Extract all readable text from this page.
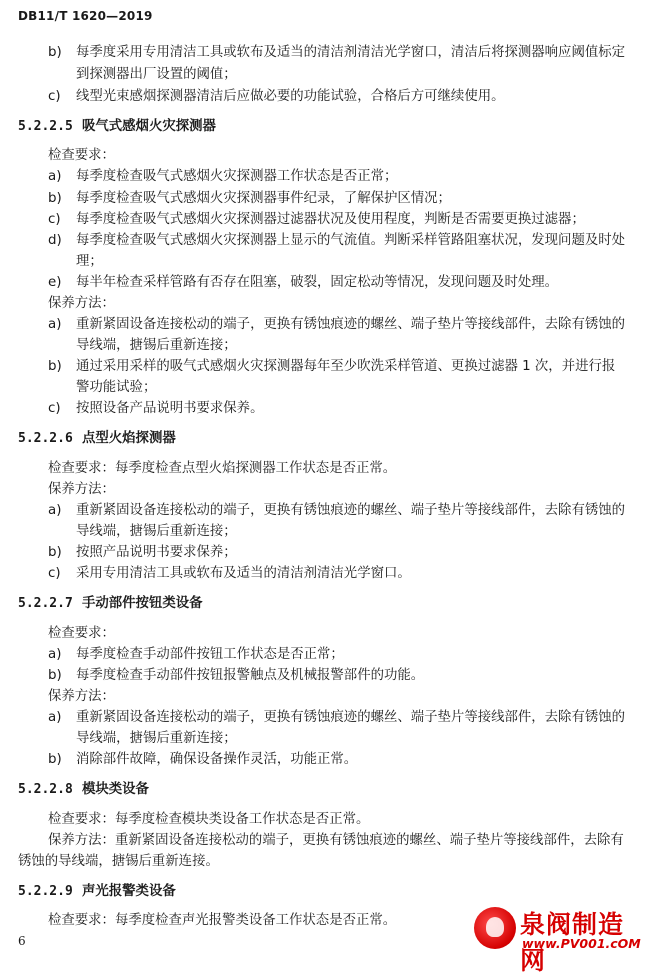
DB11/T 1620—2019
b) 每季度采用专用清洁工具或软布及适当的清洁剂清洁光学窗口，清洁后将探测器响应阈值标定
到探测器出厂设置的阈值；
c) 线型光束感烟探测器清洁后应做必要的功能试验，合格后方可继续使用。
5.2.2.5 吸气式感烟火灾探测器
检查要求：
a) 每季度检查吸气式感烟火灾探测器工作状态是否正常；
b) 每季度检查吸气式感烟火灾探测器事件纪录，了解保护区情况；
c) 每季度检查吸气式感烟火灾探测器过滤器状况及使用程度，判断是否需要更换过滤器；
d) 每季度检查吸气式感烟火灾探测器上显示的气流值。判断采样管路阻塞状况，发现问题及时处
理；
e) 每半年检查采样管路有否存在阻塞，破裂，固定松动等情况，发现问题及时处理。
保养方法：
a) 重新紧固设备连接松动的端子，更换有锈蚀痕迹的螺丝、端子垫片等接线部件，去除有锈蚀的
导线端，搪锡后重新连接；
b) 通过采用采样的吸气式感烟火灾探测器每年至少吹洗采样管道、更换过滤器 1 次，并进行报
警功能试验；
c) 按照设备产品说明书要求保养。
5.2.2.6 点型火焰探测器
检查要求：每季度检查点型火焰探测器工作状态是否正常。
保养方法：
a) 重新紧固设备连接松动的端子，更换有锈蚀痕迹的螺丝、端子垫片等接线部件，去除有锈蚀的
导线端，搪锡后重新连接；
b) 按照产品说明书要求保养；
c) 采用专用清洁工具或软布及适当的清洁剂清洁光学窗口。
5.2.2.7 手动部件按钮类设备
检查要求：
a) 每季度检查手动部件按钮工作状态是否正常；
b) 每季度检查手动部件按钮报警触点及机械报警部件的功能。
保养方法：
a) 重新紧固设备连接松动的端子，更换有锈蚀痕迹的螺丝、端子垫片等接线部件，去除有锈蚀的
导线端，搪锡后重新连接；
b) 消除部件故障，确保设备操作灵活，功能正常。
5.2.2.8 模块类设备
检查要求：每季度检查模块类设备工作状态是否正常。
保养方法：重新紧固设备连接松动的端子，更换有锈蚀痕迹的螺丝、端子垫片等接线部件，去除有
锈蚀的导线端，搪锡后重新连接。
5.2.2.9 声光报警类设备
检查要求：每季度检查声光报警类设备工作状态是否正常。
6
泉阀制造网
www.PV001.cOM
